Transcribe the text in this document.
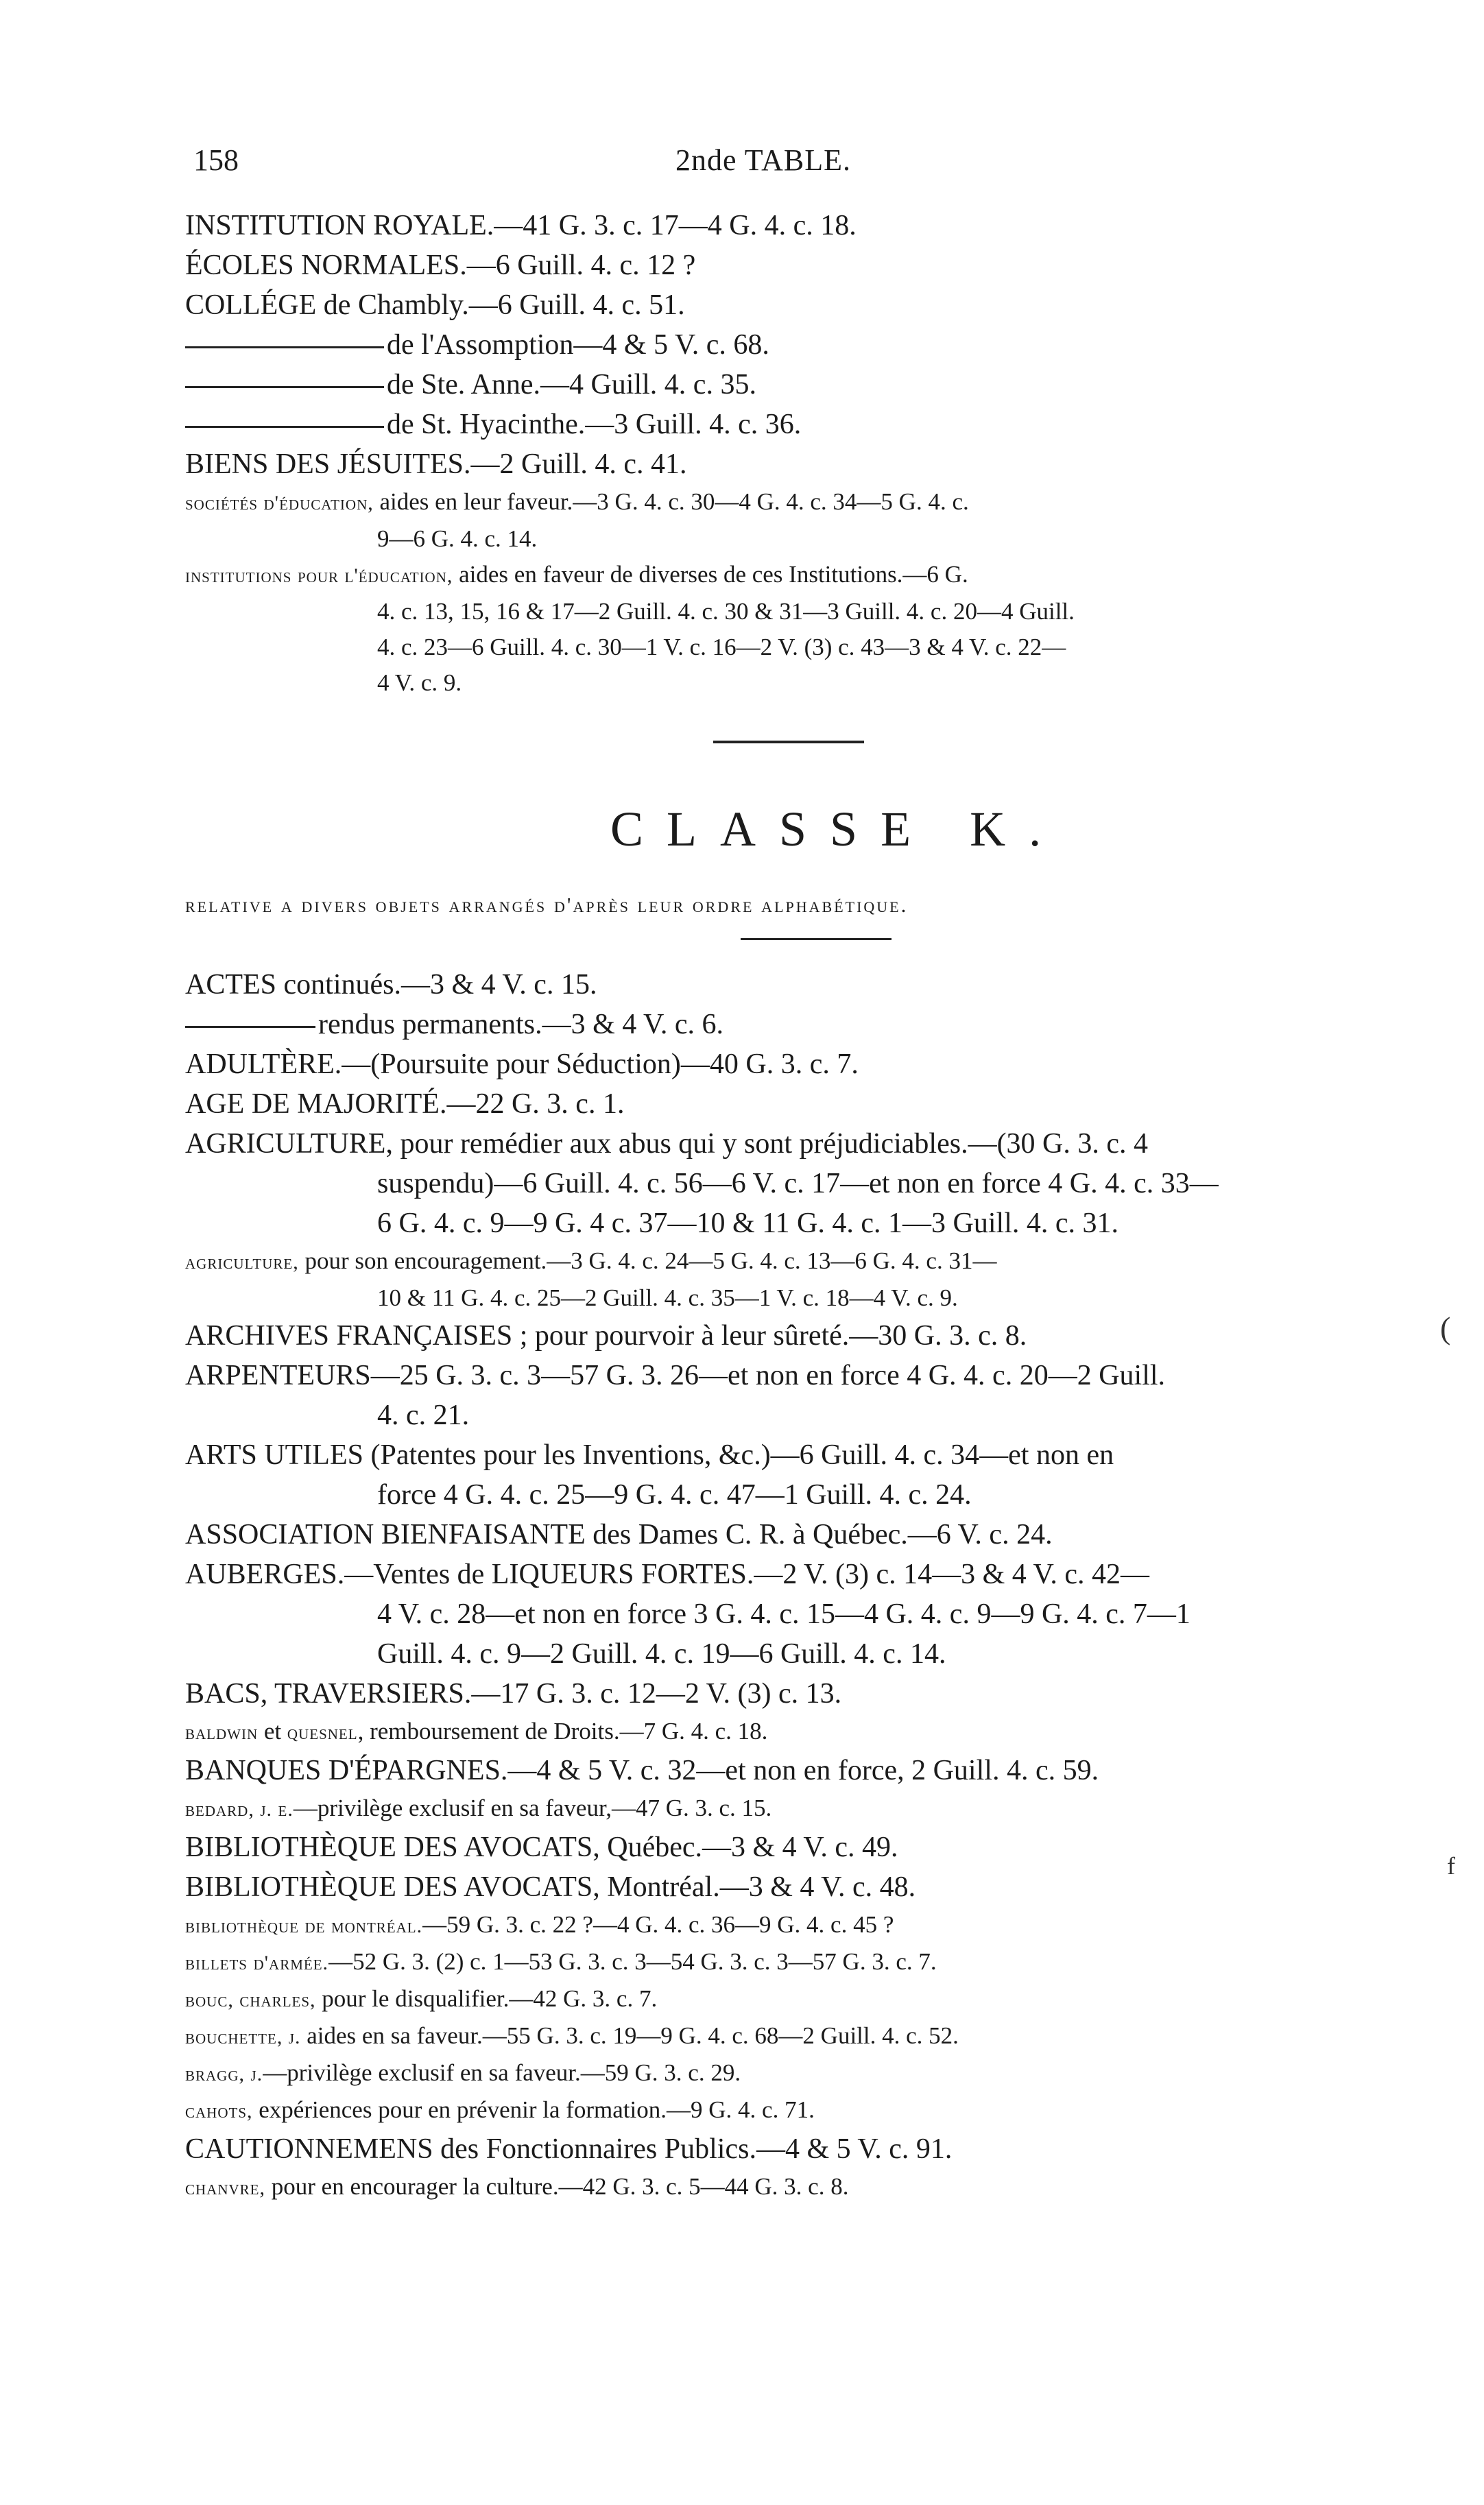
158	2nde TABLE.
INSTITUTION ROYALE.—41 G. 3. c. 17—4 G. 4. c. 18.
ÉCOLES NORMALES.—6 Guill. 4. c. 12 ?
COLLÉGE de Chambly.—6 Guill. 4. c. 51.
de l'Assomption—4 & 5 V. c. 68.
de Ste. Anne.—4 Guill. 4. c. 35.
de St. Hyacinthe.—3 Guill. 4. c. 36.
BIENS DES JÉSUITES.—2 Guill. 4. c. 41.
sociétés d'éducation, aides en leur faveur.—3 G. 4. c. 30—4 G. 4. c. 34—5 G. 4. c.
9—6 G. 4. c. 14.
institutions pour l'éducation, aides en faveur de diverses de ces Institutions.—6 G.
4. c. 13, 15, 16 & 17—2 Guill. 4. c. 30 & 31—3 Guill. 4. c. 20—4 Guill.
4. c. 23—6 Guill. 4. c. 30—1 V. c. 16—2 V. (3) c. 43—3 & 4 V. c. 22—
4 V. c. 9.
CLASSE K.
relative a divers objets arrangés d'après leur ordre alphabétique.
ACTES continués.—3 & 4 V. c. 15.
rendus permanents.—3 & 4 V. c. 6.
ADULTÈRE.—(Poursuite pour Séduction)—40 G. 3. c. 7.
AGE DE MAJORITÉ.—22 G. 3. c. 1.
AGRICULTURE, pour remédier aux abus qui y sont préjudiciables.—(30 G. 3. c. 4
suspendu)—6 Guill. 4. c. 56—6 V. c. 17—et non en force 4 G. 4. c. 33—
6 G. 4. c. 9—9 G. 4 c. 37—10 & 11 G. 4. c. 1—3 Guill. 4. c. 31.
agriculture, pour son encouragement.—3 G. 4. c. 24—5 G. 4. c. 13—6 G. 4. c. 31—
10 & 11 G. 4. c. 25—2 Guill. 4. c. 35—1 V. c. 18—4 V. c. 9.
ARCHIVES FRANÇAISES ; pour pourvoir à leur sûreté.—30 G. 3. c. 8.
ARPENTEURS—25 G. 3. c. 3—57 G. 3. 26—et non en force 4 G. 4. c. 20—2 Guill.
4. c. 21.
ARTS UTILES (Patentes pour les Inventions, &c.)—6 Guill. 4. c. 34—et non en
force 4 G. 4. c. 25—9 G. 4. c. 47—1 Guill. 4. c. 24.
ASSOCIATION BIENFAISANTE des Dames C. R. à Québec.—6 V. c. 24.
AUBERGES.—Ventes de LIQUEURS FORTES.—2 V. (3) c. 14—3 & 4 V. c. 42—
4 V. c. 28—et non en force 3 G. 4. c. 15—4 G. 4. c. 9—9 G. 4. c. 7—1
Guill. 4. c. 9—2 Guill. 4. c. 19—6 Guill. 4. c. 14.
BACS, TRAVERSIERS.—17 G. 3. c. 12—2 V. (3) c. 13.
baldwin et quesnel, remboursement de Droits.—7 G. 4. c. 18.
BANQUES D'ÉPARGNES.—4 & 5 V. c. 32—et non en force, 2 Guill. 4. c. 59.
bedard, j. e.—privilège exclusif en sa faveur,—47 G. 3. c. 15.
BIBLIOTHÈQUE DES AVOCATS, Québec.—3 & 4 V. c. 49.
BIBLIOTHÈQUE DES AVOCATS, Montréal.—3 & 4 V. c. 48.
bibliothèque de montréal.—59 G. 3. c. 22 ?—4 G. 4. c. 36—9 G. 4. c. 45 ?
billets d'armée.—52 G. 3. (2) c. 1—53 G. 3. c. 3—54 G. 3. c. 3—57 G. 3. c. 7.
bouc, charles, pour le disqualifier.—42 G. 3. c. 7.
bouchette, j. aides en sa faveur.—55 G. 3. c. 19—9 G. 4. c. 68—2 Guill. 4. c. 52.
bragg, j.—privilège exclusif en sa faveur.—59 G. 3. c. 29.
cahots, expériences pour en prévenir la formation.—9 G. 4. c. 71.
CAUTIONNEMENS des Fonctionnaires Publics.—4 & 5 V. c. 91.
chanvre, pour en encourager la culture.—42 G. 3. c. 5—44 G. 3. c. 8.
(
f
